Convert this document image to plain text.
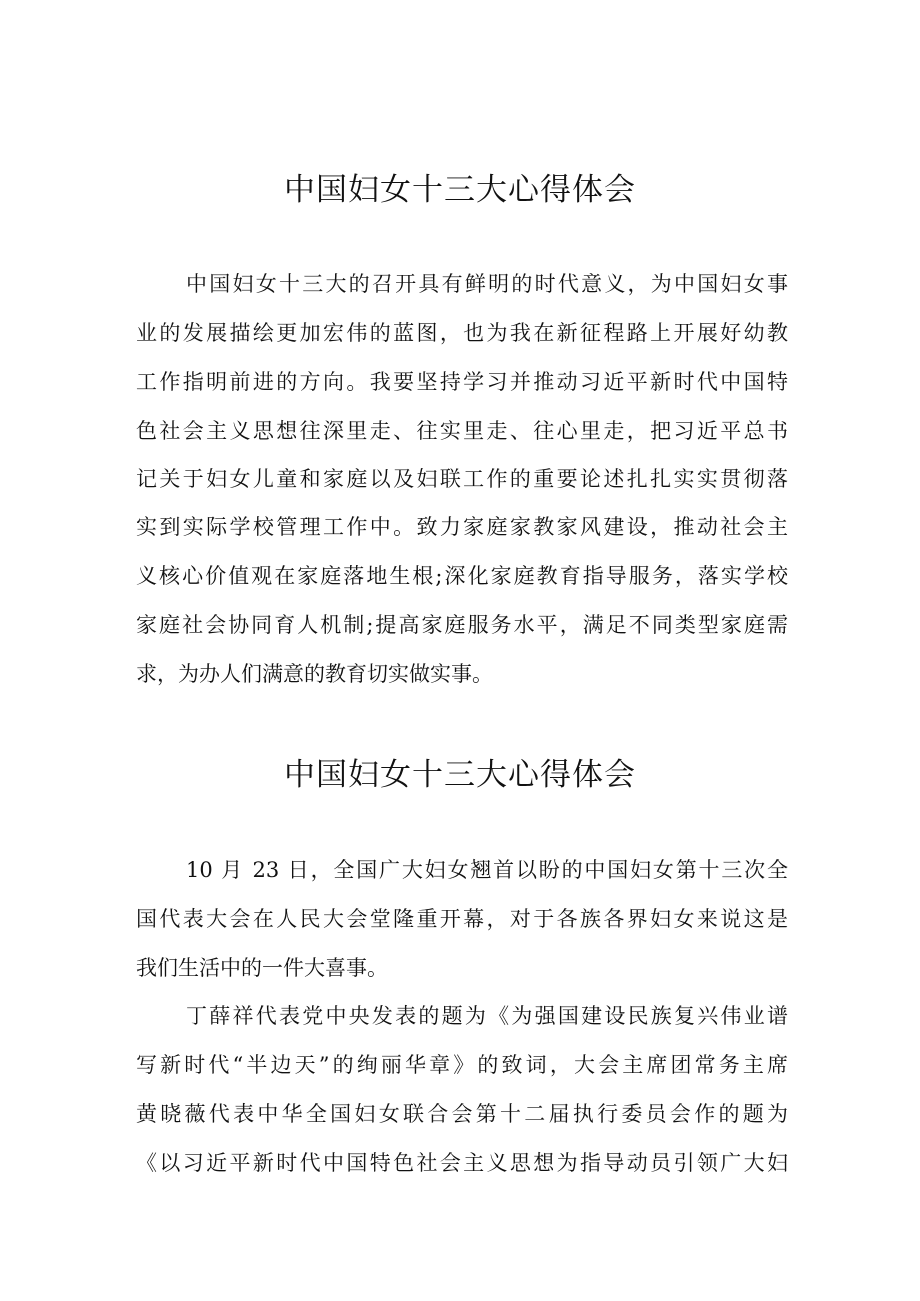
中国妇女十三大心得体会

中国妇女十三大的召开具有鲜明的时代意义，为中国妇女事

业的发展描绘更加宏伟的蓝图，也为我在新征程路上开展好幼教

工作指明前进的方向。我要坚持学习并推动习近平新时代中国特

色社会主义思想往深里走、往实里走、往心里走，把习近平总书

记关于妇女儿童和家庭以及妇联工作的重要论述扎扎实实贯彻落

实到实际学校管理工作中。致力家庭家教家风建设，推动社会主

义核心价值观在家庭落地生根;深化家庭教育指导服务，落实学校

家庭社会协同育人机制;提高家庭服务水平，满足不同类型家庭需

求，为办人们满意的教育切实做实事。

中国妇女十三大心得体会

10 月 23 日，全国广大妇女翘首以盼的中国妇女第十三次全

国代表大会在人民大会堂隆重开幕，对于各族各界妇女来说这是

我们生活中的一件大喜事。

丁薛祥代表党中央发表的题为《为强国建设民族复兴伟业谱

写新时代“半边天”的绚丽华章》的致词，大会主席团常务主席

黄晓薇代表中华全国妇女联合会第十二届执行委员会作的题为

《以习近平新时代中国特色社会主义思想为指导动员引领广大妇
